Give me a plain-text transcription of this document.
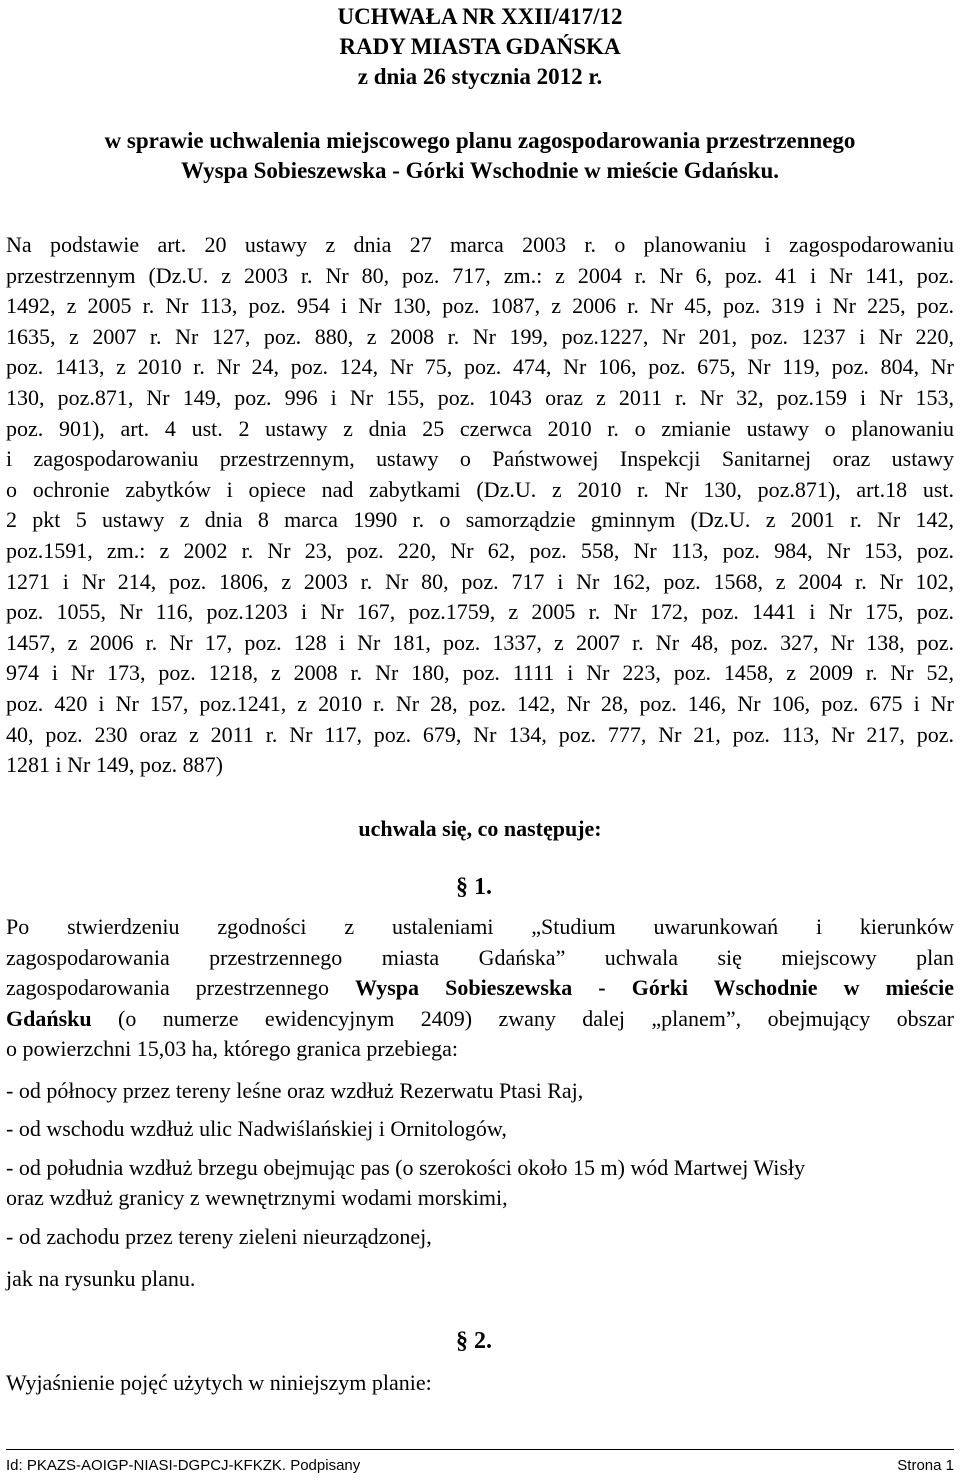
UCHWAŁA NR XXII/417/12
RADY MIASTA GDAŃSKA
z dnia 26 stycznia 2012 r.
w sprawie uchwalenia miejscowego planu zagospodarowania przestrzennego
Wyspa Sobieszewska - Górki Wschodnie w mieście Gdańsku.
Na podstawie art. 20 ustawy z dnia 27 marca 2003 r. o planowaniu i zagospodarowaniu
przestrzennym (Dz.U. z 2003 r. Nr 80, poz. 717, zm.: z 2004 r. Nr 6, poz. 41 i Nr 141, poz.
1492, z 2005 r. Nr 113, poz. 954 i Nr 130, poz. 1087, z 2006 r. Nr 45, poz. 319 i Nr 225, poz.
1635, z 2007 r. Nr 127, poz. 880, z 2008 r. Nr 199, poz.1227, Nr 201, poz. 1237 i Nr 220,
poz. 1413, z 2010 r. Nr 24, poz. 124, Nr 75, poz. 474, Nr 106, poz. 675, Nr 119, poz. 804, Nr
130, poz.871, Nr 149, poz. 996 i Nr 155, poz. 1043 oraz z 2011 r. Nr 32, poz.159 i Nr 153,
poz. 901), art. 4 ust. 2 ustawy z dnia 25 czerwca 2010 r. o zmianie ustawy o planowaniu
i zagospodarowaniu przestrzennym, ustawy o Państwowej Inspekcji Sanitarnej oraz ustawy
o ochronie zabytków i opiece nad zabytkami (Dz.U. z 2010 r. Nr 130, poz.871), art.18 ust.
2 pkt 5 ustawy z dnia 8 marca 1990 r. o samorządzie gminnym (Dz.U. z 2001 r. Nr 142,
poz.1591, zm.: z 2002 r. Nr 23, poz. 220, Nr 62, poz. 558, Nr 113, poz. 984, Nr 153, poz.
1271 i Nr 214, poz. 1806, z 2003 r. Nr 80, poz. 717 i Nr 162, poz. 1568, z 2004 r. Nr 102,
poz. 1055, Nr 116, poz.1203 i Nr 167, poz.1759, z 2005 r. Nr 172, poz. 1441 i Nr 175, poz.
1457, z 2006 r. Nr 17, poz. 128 i Nr 181, poz. 1337, z 2007 r. Nr 48, poz. 327, Nr 138, poz.
974 i Nr 173, poz. 1218, z 2008 r. Nr 180, poz. 1111 i Nr 223, poz. 1458, z 2009 r. Nr 52,
poz. 420 i Nr 157, poz.1241, z 2010 r. Nr 28, poz. 142, Nr 28, poz. 146, Nr 106, poz. 675 i Nr
40, poz. 230 oraz z 2011 r. Nr 117, poz. 679, Nr 134, poz. 777, Nr 21, poz. 113, Nr 217, poz.
1281 i Nr 149, poz. 887)
uchwala się, co następuje:
§ 1.
Po stwierdzeniu zgodności z ustaleniami „Studium uwarunkowań i kierunków
zagospodarowania przestrzennego miasta Gdańska” uchwala się miejscowy plan
zagospodarowania przestrzennego Wyspa Sobieszewska - Górki Wschodnie w mieście
Gdańsku (o numerze ewidencyjnym 2409) zwany dalej „planem”, obejmujący obszar
o powierzchni 15,03 ha, którego granica przebiega:
- od północy przez tereny leśne oraz wzdłuż Rezerwatu Ptasi Raj,
- od wschodu wzdłuż ulic Nadwiślańskiej i Ornitologów,
- od południa wzdłuż brzegu obejmując pas (o szerokości około 15 m) wód Martwej Wisły
oraz wzdłuż granicy z wewnętrznymi wodami morskimi,
- od zachodu przez tereny zieleni nieurządzonej,
jak na rysunku planu.
§ 2.
Wyjaśnienie pojęć użytych w niniejszym planie:
Id: PKAZS-AOIGP-NIASI-DGPCJ-KFKZK. Podpisany	Strona 1
